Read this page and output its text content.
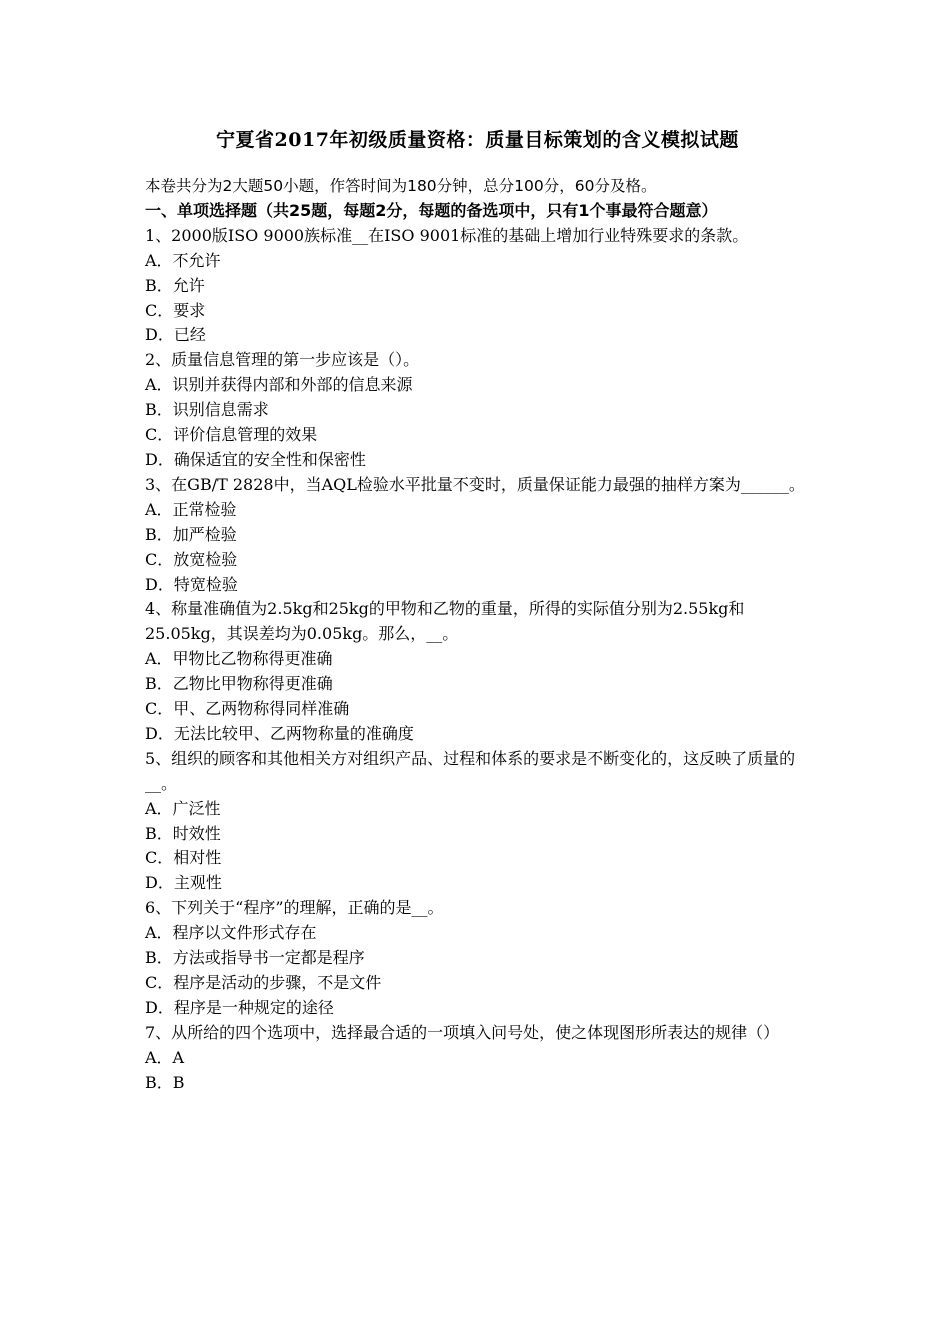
宁夏省2017年初级质量资格：质量目标策划的含义模拟试题

本卷共分为2大题50小题，作答时间为180分钟，总分100分，60分及格。

一、单项选择题（共25题，每题2分，每题的备选项中，只有1个事最符合题意）

1、2000版ISO 9000族标准__在ISO 9001标准的基础上增加行业特殊要求的条款。

A．不允许

B．允许

C．要求

D．已经

2、质量信息管理的第一步应该是（）。

A．识别并获得内部和外部的信息来源

B．识别信息需求

C．评价信息管理的效果

D．确保适宜的安全性和保密性

3、在GB/T 2828中，当AQL检验水平批量不变时，质量保证能力最强的抽样方案为______。

A．正常检验

B．加严检验

C．放宽检验

D．特宽检验

4、称量准确值为2.5kg和25kg的甲物和乙物的重量，所得的实际值分别为2.55kg和 25.05kg，其误差均为0.05kg。那么，__。

A．甲物比乙物称得更准确

B．乙物比甲物称得更准确

C．甲、乙两物称得同样准确

D．无法比较甲、乙两物称量的准确度

5、组织的顾客和其他相关方对组织产品、过程和体系的要求是不断变化的，这反映了质量的__。

A．广泛性

B．时效性

C．相对性

D．主观性

6、下列关于“程序”的理解，正确的是__。

A．程序以文件形式存在

B．方法或指导书一定都是程序

C．程序是活动的步骤，不是文件

D．程序是一种规定的途径

7、从所给的四个选项中，选择最合适的一项填入问号处，使之体现图形所表达的规律（）

A．A

B．B
